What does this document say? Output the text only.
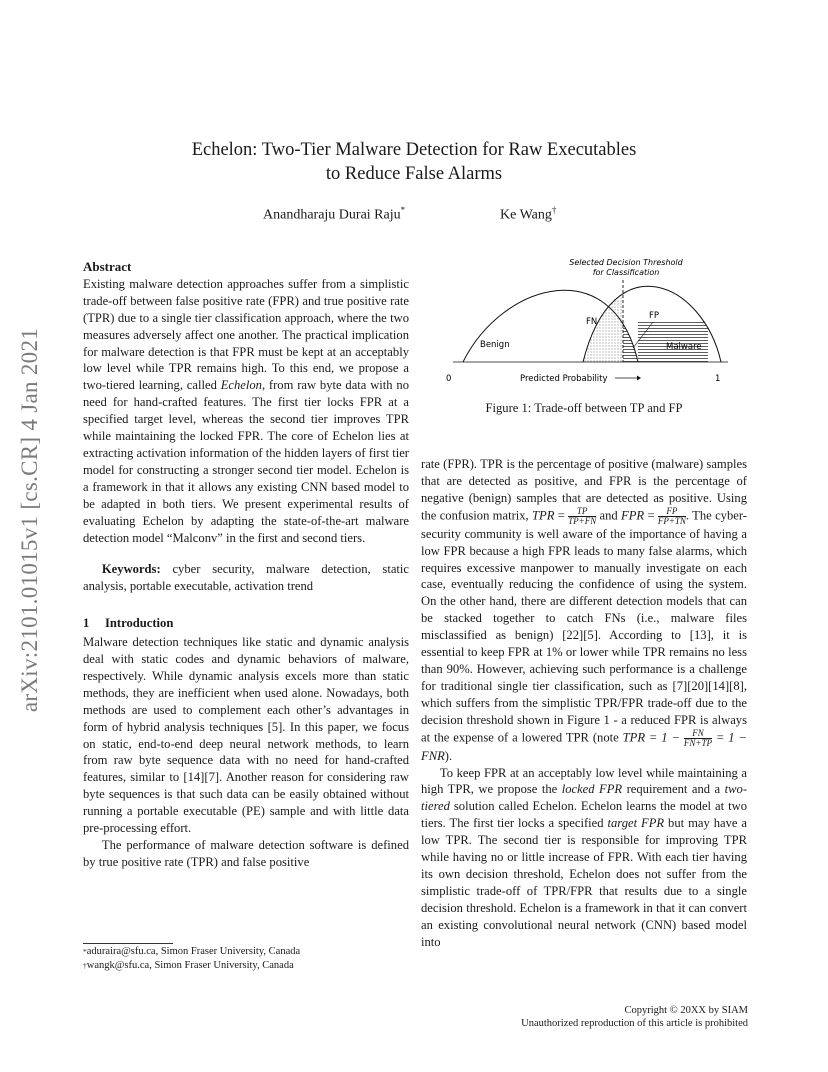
Echelon: Two-Tier Malware Detection for Raw Executables
to Reduce False Alarms
Anandharaju Durai Raju*	Ke Wang†
arXiv:2101.01015v1 [cs.CR] 4 Jan 2021

Abstract

Existing malware detection approaches suffer from a simplistic trade-off between false positive rate (FPR) and true positive rate (TPR) due to a single tier classification approach, where the two measures adversely affect one another. The practical implication for malware detection is that FPR must be kept at an acceptably low level while TPR remains high. To this end, we propose a two-tiered learning, called Echelon, from raw byte data with no need for hand-crafted features. The first tier locks FPR at a specified target level, whereas the second tier improves TPR while maintaining the locked FPR. The core of Echelon lies at extracting activation information of the hidden layers of first tier model for constructing a stronger second tier model. Echelon is a framework in that it allows any existing CNN based model to be adapted in both tiers. We present experimental results of evaluating Echelon by adapting the state-of-the-art malware detection model “Malconv” in the first and second tiers.

Keywords: cyber security, malware detection, static analysis, portable executable, activation trend

1 Introduction

Malware detection techniques like static and dynamic analysis deal with static codes and dynamic behaviors of malware, respectively. While dynamic analysis excels more than static methods, they are inefficient when used alone. Nowadays, both methods are used to complement each other’s advantages in form of hybrid analysis techniques [5]. In this paper, we focus on static, end-to-end deep neural network methods, to learn from raw byte sequence data with no need for hand-crafted features, similar to [14][7]. Another reason for considering raw byte sequences is that such data can be easily obtained without running a portable executable (PE) sample and with little data pre-processing effort.

The performance of malware detection software is defined by true positive rate (TPR) and false positive

Selected Decision Threshold
for Classification
FN
FP
Benign	Malware
0	Predicted Probability	1
Figure 1: Trade-off between TP and FP

rate (FPR). TPR is the percentage of positive (malware) samples that are detected as positive, and FPR is the percentage of negative (benign) samples that are detected as positive. Using the confusion matrix, TPR = $\frac{TP}{TP+FN}$ and FPR = $\frac{FP}{FP+TN}$ . The cyber-security community is well aware of the importance of having a low FPR because a high FPR leads to many false alarms, which requires excessive manpower to manually investigate on each case, eventually reducing the confidence of using the system. On the other hand, there are different detection models that can be stacked together to catch FNs (i.e., malware files misclassified as benign) [22][5]. According to [13], it is essential to keep FPR at 1% or lower while TPR remains no less than 90%. However, achieving such performance is a challenge for traditional single tier classification, such as [7][20][14][8], which suffers from the simplistic TPR/FPR trade-off due to the decision threshold shown in Figure 1 - a reduced FPR is always at the expense of a lowered TPR (note TPR = $1 - \frac{FN}{FN+TP} = 1 - FNR$).

To keep FPR at an acceptably low level while maintaining a high TPR, we propose the locked FPR requirement and a two-tiered solution called Echelon. Echelon learns the model at two tiers. The first tier locks a specified target FPR but may have a low TPR. The second tier is responsible for improving TPR while having no or little increase of FPR. With each tier having its own decision threshold, Echelon does not suffer from the simplistic trade-off of TPR/FPR that results due to a single decision threshold. Echelon is a framework in that it can convert an existing convolutional neural network (CNN) based model into

*aduraira@sfu.ca, Simon Fraser University, Canada
†wangk@sfu.ca, Simon Fraser University, Canada
Copyright © 20XX by SIAM
Unauthorized reproduction of this article is prohibited
